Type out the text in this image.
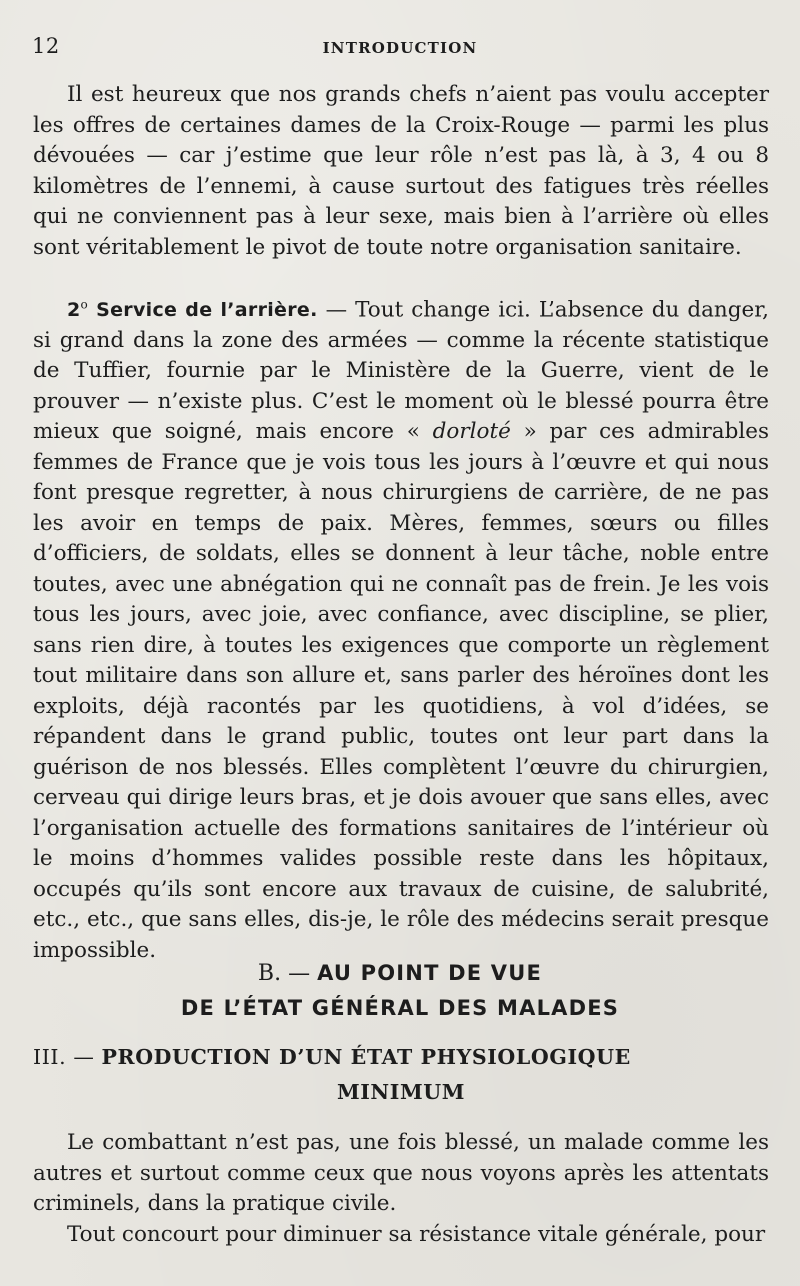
12	INTRODUCTION

Il est heureux que nos grands chefs n’aient pas voulu accepter les offres de certaines dames de la Croix-Rouge — parmi les plus dévouées — car j’estime que leur rôle n’est pas là, à 3, 4 ou 8 kilomètres de l’ennemi, à cause surtout des fatigues très réelles qui ne conviennent pas à leur sexe, mais bien à l’arrière où elles sont véritablement le pivot de toute notre organisation sanitaire.

2$^o$ Service de l’arrière. — Tout change ici. L’absence du danger, si grand dans la zone des armées — comme la récente statistique de Tuffier, fournie par le Ministère de la Guerre, vient de le prouver — n’existe plus. C’est le moment où le blessé pourra être mieux que soigné, mais encore « dorloté » par ces admirables femmes de France que je vois tous les jours à l’œuvre et qui nous font presque regretter, à nous chirurgiens de carrière, de ne pas les avoir en temps de paix. Mères, femmes, sœurs ou filles d’officiers, de soldats, elles se donnent à leur tâche, noble entre toutes, avec une abnégation qui ne connaît pas de frein. Je les vois tous les jours, avec joie, avec confiance, avec discipline, se plier, sans rien dire, à toutes les exigences que comporte un règlement tout militaire dans son allure et, sans parler des héroïnes dont les exploits, déjà racontés par les quotidiens, à vol d’idées, se répandent dans le grand public, toutes ont leur part dans la guérison de nos blessés. Elles complètent l’œuvre du chirurgien, cerveau qui dirige leurs bras, et je dois avouer que sans elles, avec l’organisation actuelle des formations sanitaires de l’intérieur où le moins d’hommes valides possible reste dans les hôpitaux, occupés qu’ils sont encore aux travaux de cuisine, de salubrité, etc., etc., que sans elles, dis-je, le rôle des médecins serait presque impossible.

B. — AU POINT DE VUE
DE L’ÉTAT GÉNÉRAL DES MALADES
III. — PRODUCTION D’UN ÉTAT PHYSIOLOGIQUE
MINIMUM

Le combattant n’est pas, une fois blessé, un malade comme les autres et surtout comme ceux que nous voyons après les attentats criminels, dans la pratique civile.

Tout concourt pour diminuer sa résistance vitale générale, pour
